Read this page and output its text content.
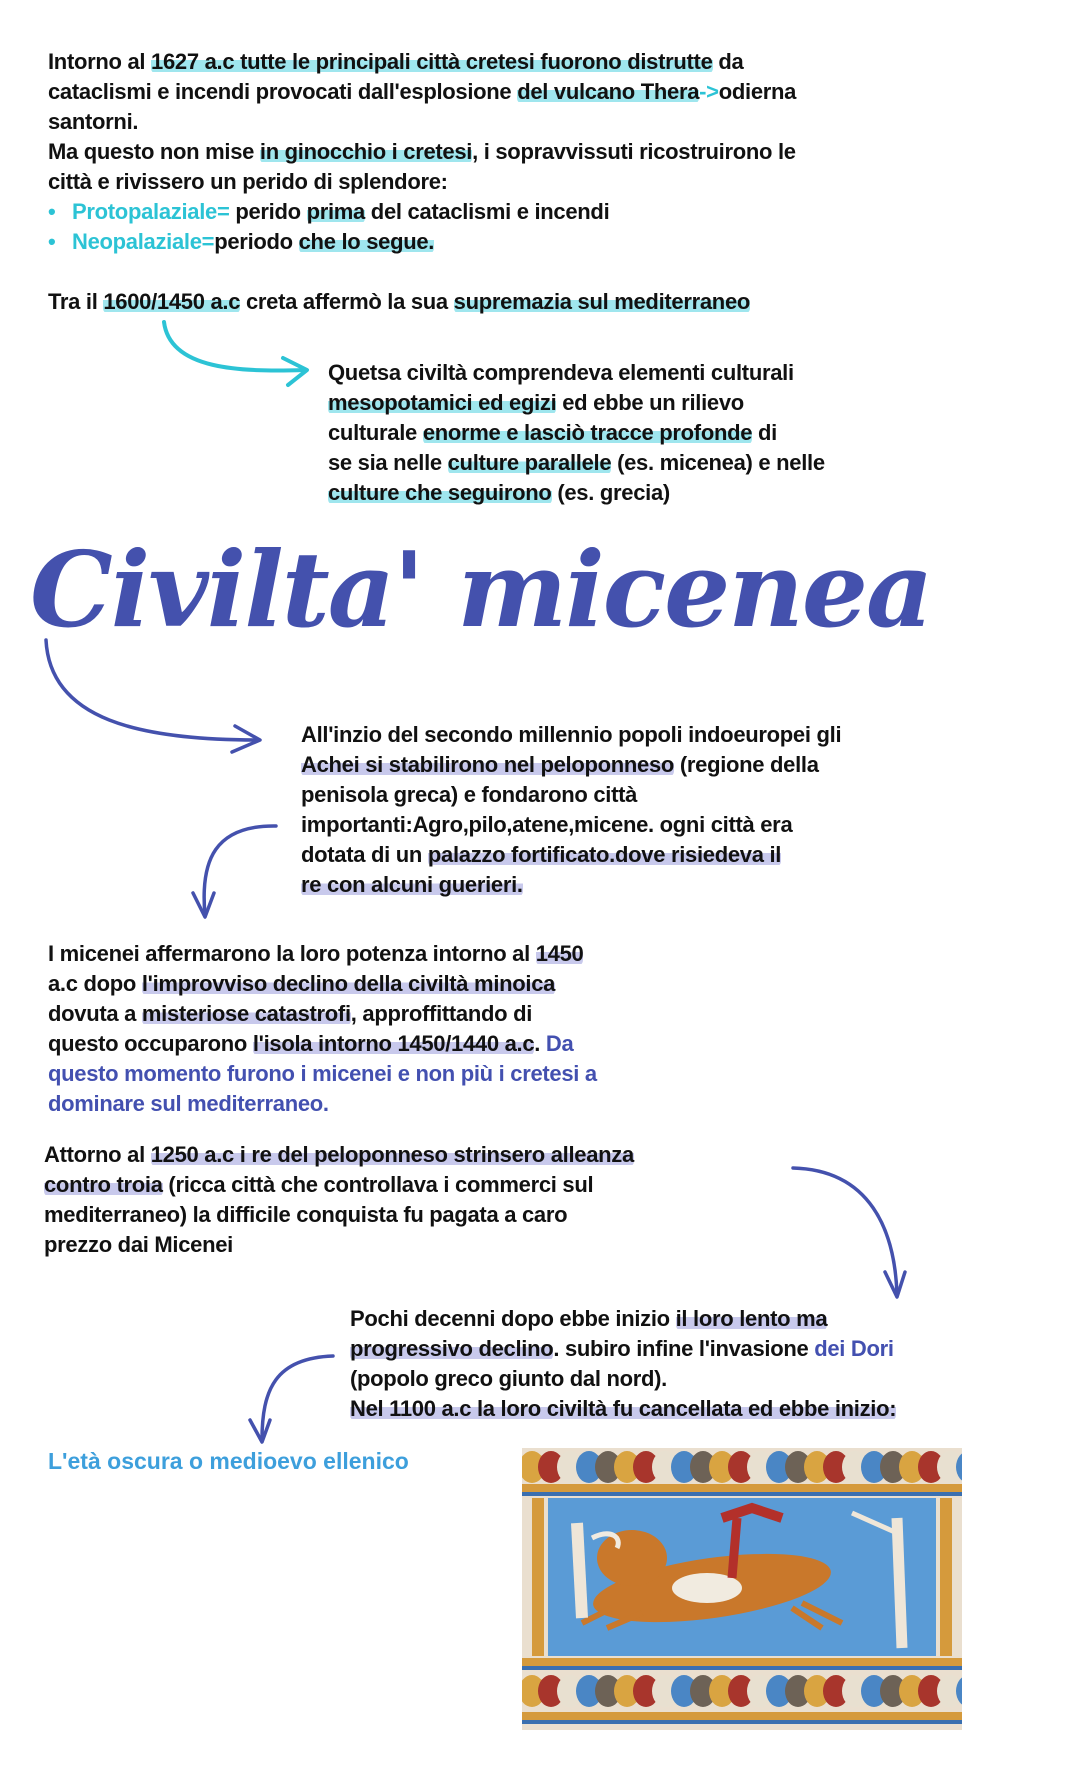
Intorno al 1627 a.c tutte le principali città cretesi fuorono distrutte da
cataclismi e incendi provocati dall'esplosione del vulcano Thera->odierna
santorni.
Ma questo non mise in ginocchio i cretesi, i sopravvissuti ricostruirono le
città e rivissero un perido di splendore:
• Protopalaziale= perido prima del cataclismi e incendi
• Neopalaziale=periodo che lo segue.
Tra il 1600/1450 a.c creta affermò la sua supremazia sul mediterraneo
Quetsa civiltà comprendeva elementi culturali
mesopotamici ed egizi ed ebbe un rilievo
culturale enorme e lasciò tracce profonde di
se sia nelle culture parallele (es. micenea) e nelle
culture che seguirono (es. grecia)
Civilta' micenea
All'inzio del secondo millennio popoli indoeuropei gli
Achei si stabilirono nel peloponneso (regione della
penisola greca) e fondarono città
importanti:Agro,pilo,atene,micene. ogni città era
dotata di un palazzo fortificato.dove risiedeva il
re con alcuni guerieri.
I micenei affermarono la loro potenza intorno al 1450
a.c dopo l'improvviso declino della civiltà minoica
dovuta a misteriose catastrofi, approffittando di
questo occuparono l'isola intorno 1450/1440 a.c. Da
questo momento furono i micenei e non più i cretesi a
dominare sul mediterraneo.
Attorno al 1250 a.c i re del peloponneso strinsero alleanza
contro troia (ricca città che controllava i commerci sul
mediterraneo) la difficile conquista fu pagata a caro
prezzo dai Micenei
Pochi decenni dopo ebbe inizio il loro lento ma
progressivo declino. subiro infine l'invasione dei Dori
(popolo greco giunto dal nord).
Nel 1100 a.c la loro civiltà fu cancellata ed ebbe inizio:
L'età oscura o medioevo ellenico
